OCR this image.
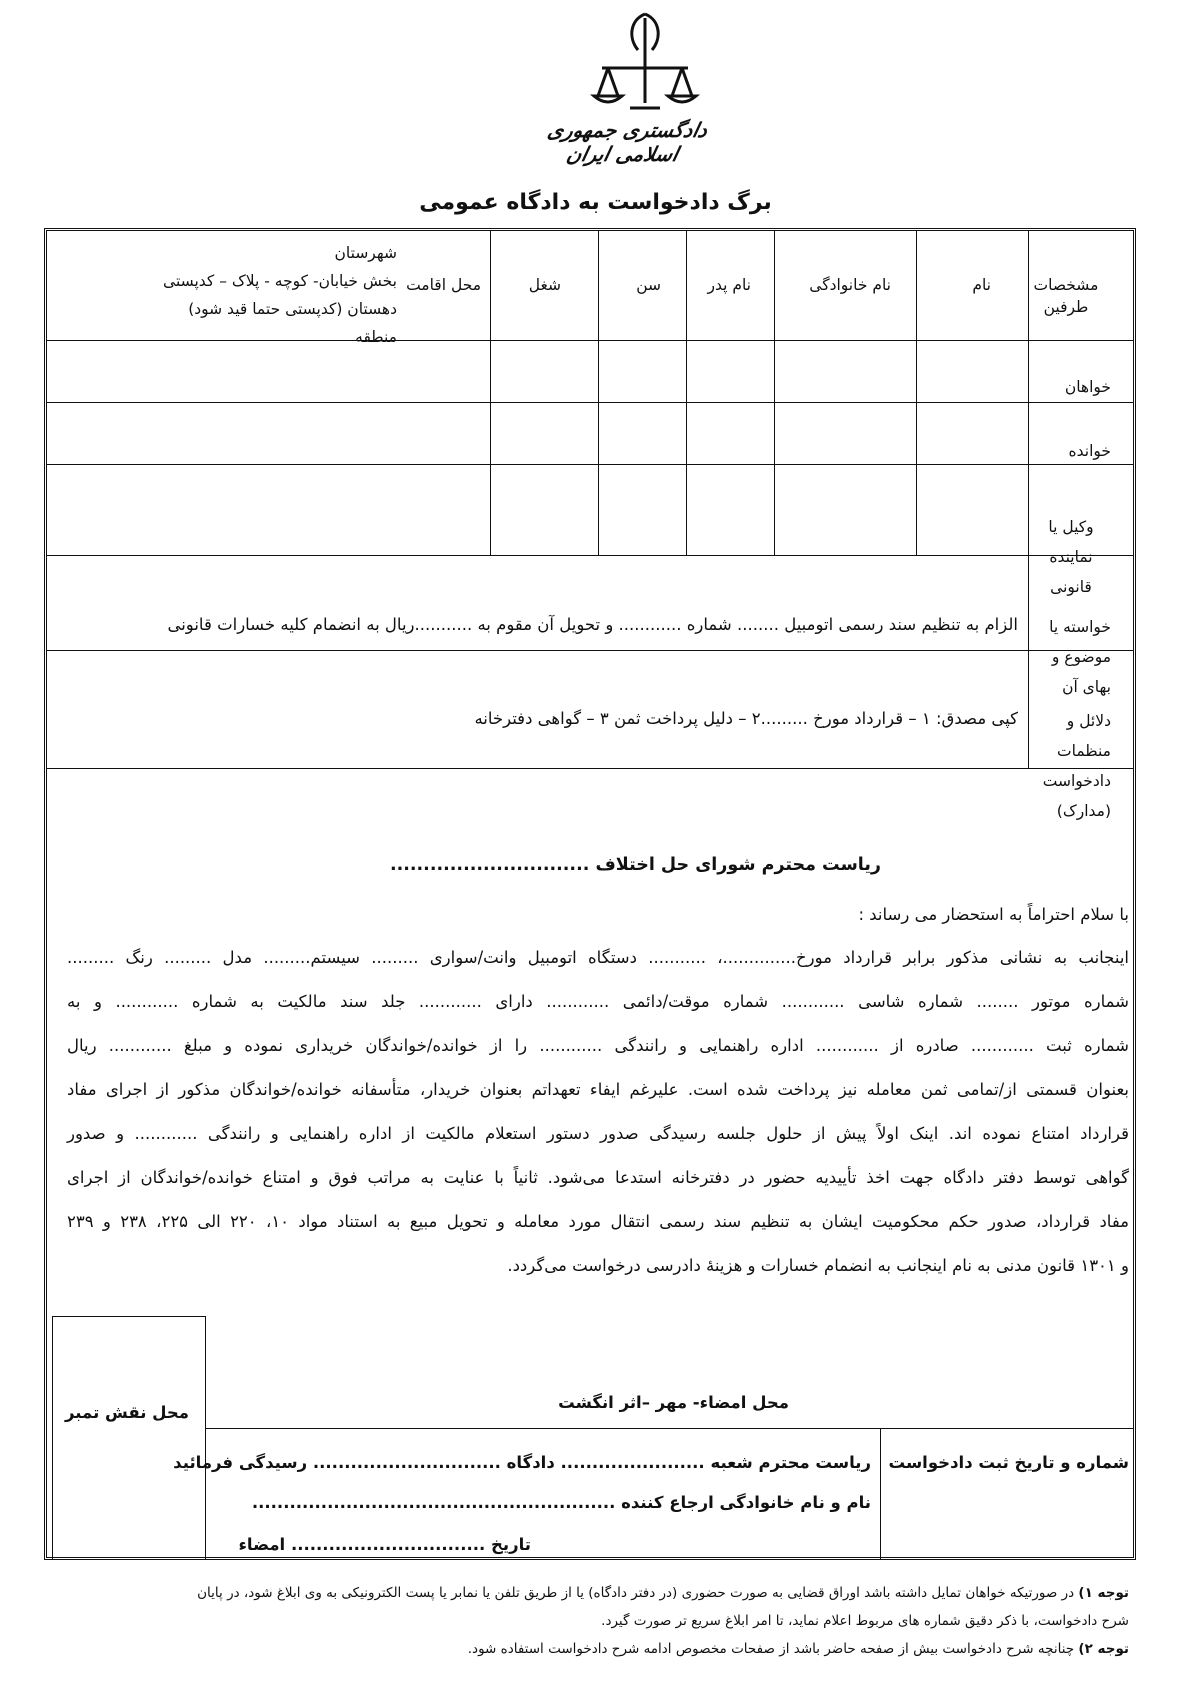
دادگستری جمهوری اسلامی ایران
برگ دادخواست به دادگاه عمومی
مشخصات
طرفین
نام
نام خانوادگی
نام پدر
سن
شغل
محل اقامت
شهرستان
بخش خیابان- کوچه - پلاک – کدپستی
دهستان (کدپستی حتما قید شود)
منطقه
خواهان
خوانده
وکیل یا
نماینده
قانونی
خواسته یا
موضوع و
بهای آن
الزام به تنظیم سند رسمی اتومبیل ........ شماره ............ و تحویل آن مقوم به ...........ریال به انضمام کلیه خسارات قانونی
دلائل و
منظمات
دادخواست
(مدارک)
کپی مصدق: ۱ – قرارداد مورخ .........۲ – دلیل پرداخت ثمن ۳ – گواهی دفترخانه
ریاست محترم شورای حل اختلاف ..............................
با سلام احتراماً به استحضار می رساند :
اینجانب به نشانی مذکور برابر قرارداد مورخ..............، ........... دستگاه اتومبیل وانت/سواری ......... سیستم......... مدل ......... رنگ .........
شماره موتور ........ شماره شاسی ............ شماره موقت/دائمی ............ دارای ............ جلد سند مالکیت به شماره ............ و به
شماره ثبت ............ صادره از ............ اداره راهنمایی و رانندگی ............ را از خوانده/خواندگان خریداری نموده و مبلغ ............ ریال
بعنوان قسمتی از/تمامی ثمن معامله نیز پرداخت شده است. علیرغم ایفاء تعهداتم بعنوان خریدار، متأسفانه خوانده/خواندگان مذکور از اجرای مفاد
قرارداد امتناع نموده اند. اینک اولاً پیش از حلول جلسه رسیدگی صدور دستور استعلام مالکیت از اداره راهنمایی و رانندگی ............ و صدور
گواهی توسط دفتر دادگاه جهت اخذ تأییدیه حضور در دفترخانه استدعا می‌شود. ثانیاً با عنایت به مراتب فوق و امتناع خوانده/خواندگان از اجرای
مفاد قرارداد، صدور حکم محکومیت ایشان به تنظیم سند رسمی انتقال مورد معامله و تحویل مبیع به استناد مواد ۱۰، ۲۲۰ الی ۲۲۵، ۲۳۸ و ۲۳۹
و ۱۳۰۱ قانون مدنی به نام اینجانب به انضمام خسارات و هزینهٔ دادرسی درخواست می‌گردد.
محل نقش تمبر
محل امضاء- مهر –اثر انگشت
شماره و تاریخ ثبت دادخواست
ریاست محترم شعبه ....................... دادگاه .............................. رسیدگی فرمائید
نام و نام خانوادگی ارجاع کننده ..........................................................
تاریخ ............................... امضاء
توجه ۱) در صورتیکه خواهان تمایل داشته باشد اوراق قضایی به صورت حضوری (در دفتر دادگاه) یا از طریق تلفن یا نمابر یا پست الکترونیکی به وی ابلاغ شود، در پایان
شرح دادخواست، با ذکر دقیق شماره های مربوط اعلام نماید، تا امر ابلاغ سریع تر صورت گیرد.
توجه ۲) چنانچه شرح دادخواست بیش از صفحه حاضر باشد از صفحات مخصوص ادامه شرح دادخواست استفاده شود.
